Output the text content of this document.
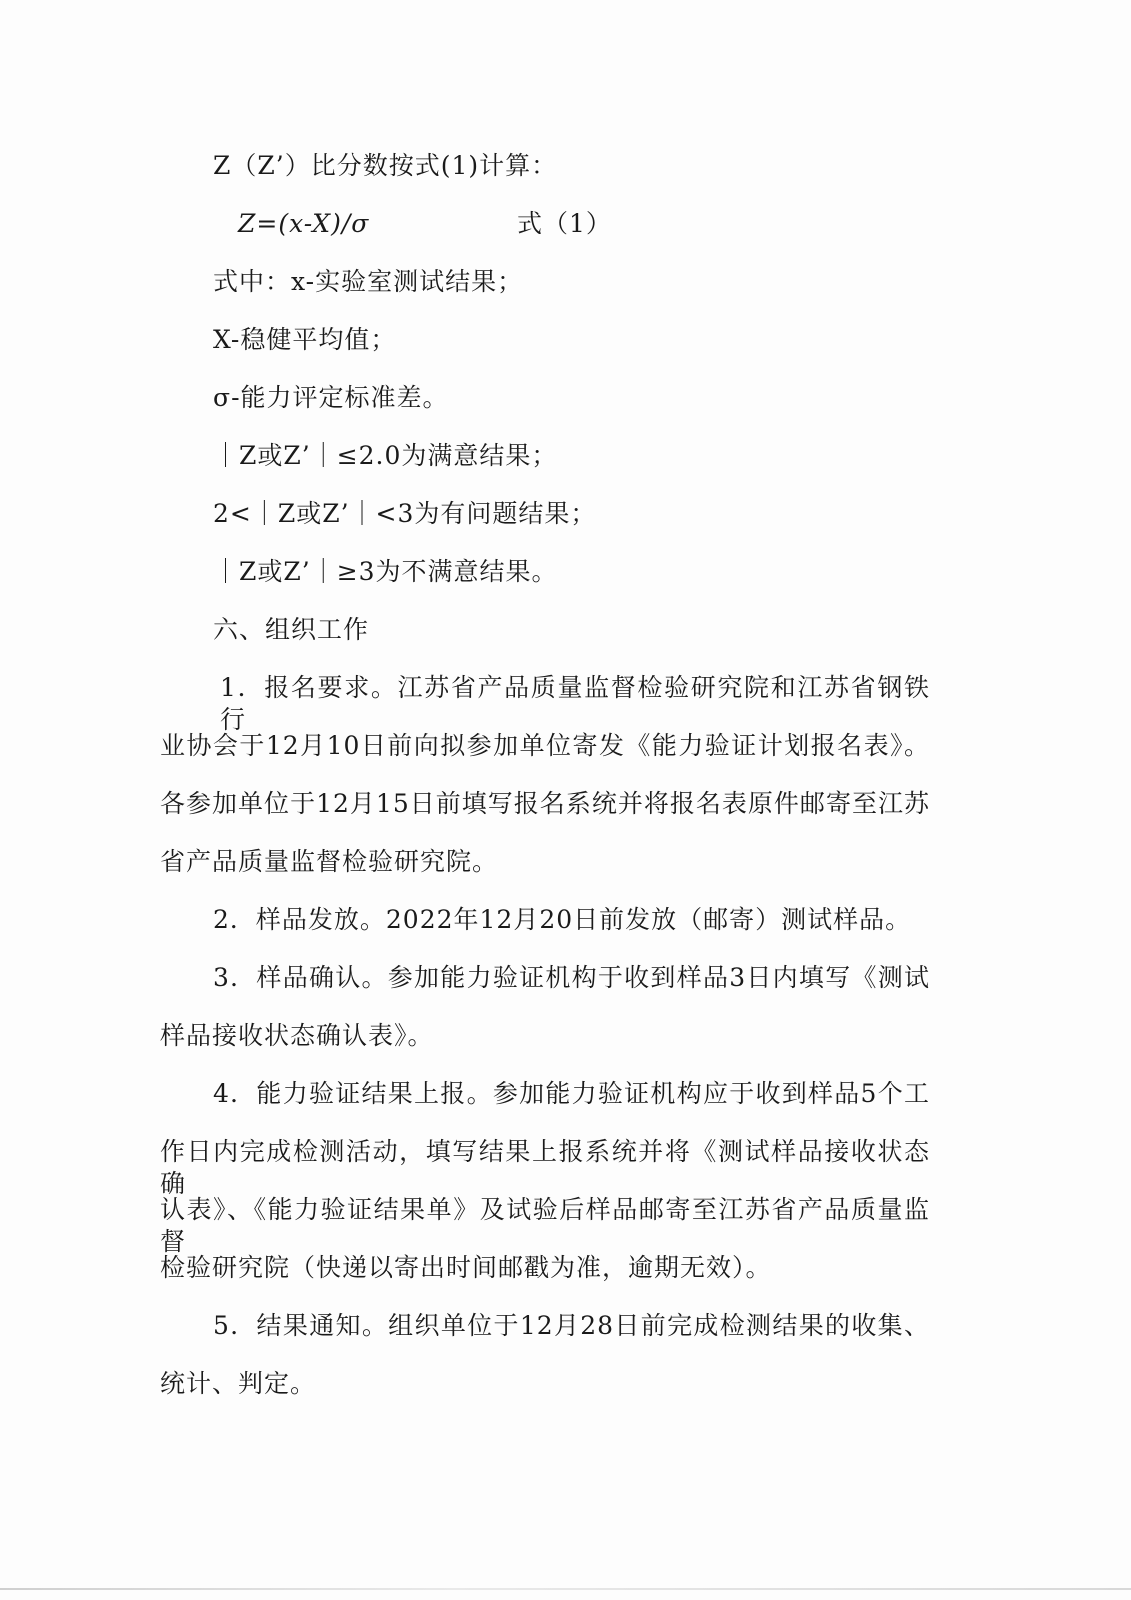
Z（Z’）比分数按式(1)计算：
Z=(x-X)/σ	式（1）
式中：x-实验室测试结果；
X-稳健平均值；
σ-能力评定标准差。
｜Z或Z’｜≤2.0为满意结果；
2<｜Z或Z’｜<3为有问题结果；
｜Z或Z’｜≥3为不满意结果。
六、组织工作
1．报名要求。江苏省产品质量监督检验研究院和江苏省钢铁行
业协会于12月10日前向拟参加单位寄发《能力验证计划报名表》。
各参加单位于12月15日前填写报名系统并将报名表原件邮寄至江苏
省产品质量监督检验研究院。
2．样品发放。2022年12月20日前发放（邮寄）测试样品。
3．样品确认。参加能力验证机构于收到样品3日内填写《测试
样品接收状态确认表》。
4．能力验证结果上报。参加能力验证机构应于收到样品5个工
作日内完成检测活动，填写结果上报系统并将《测试样品接收状态确
认表》、《能力验证结果单》及试验后样品邮寄至江苏省产品质量监督
检验研究院（快递以寄出时间邮戳为准，逾期无效）。
5．结果通知。组织单位于12月28日前完成检测结果的收集、
统计、判定。
